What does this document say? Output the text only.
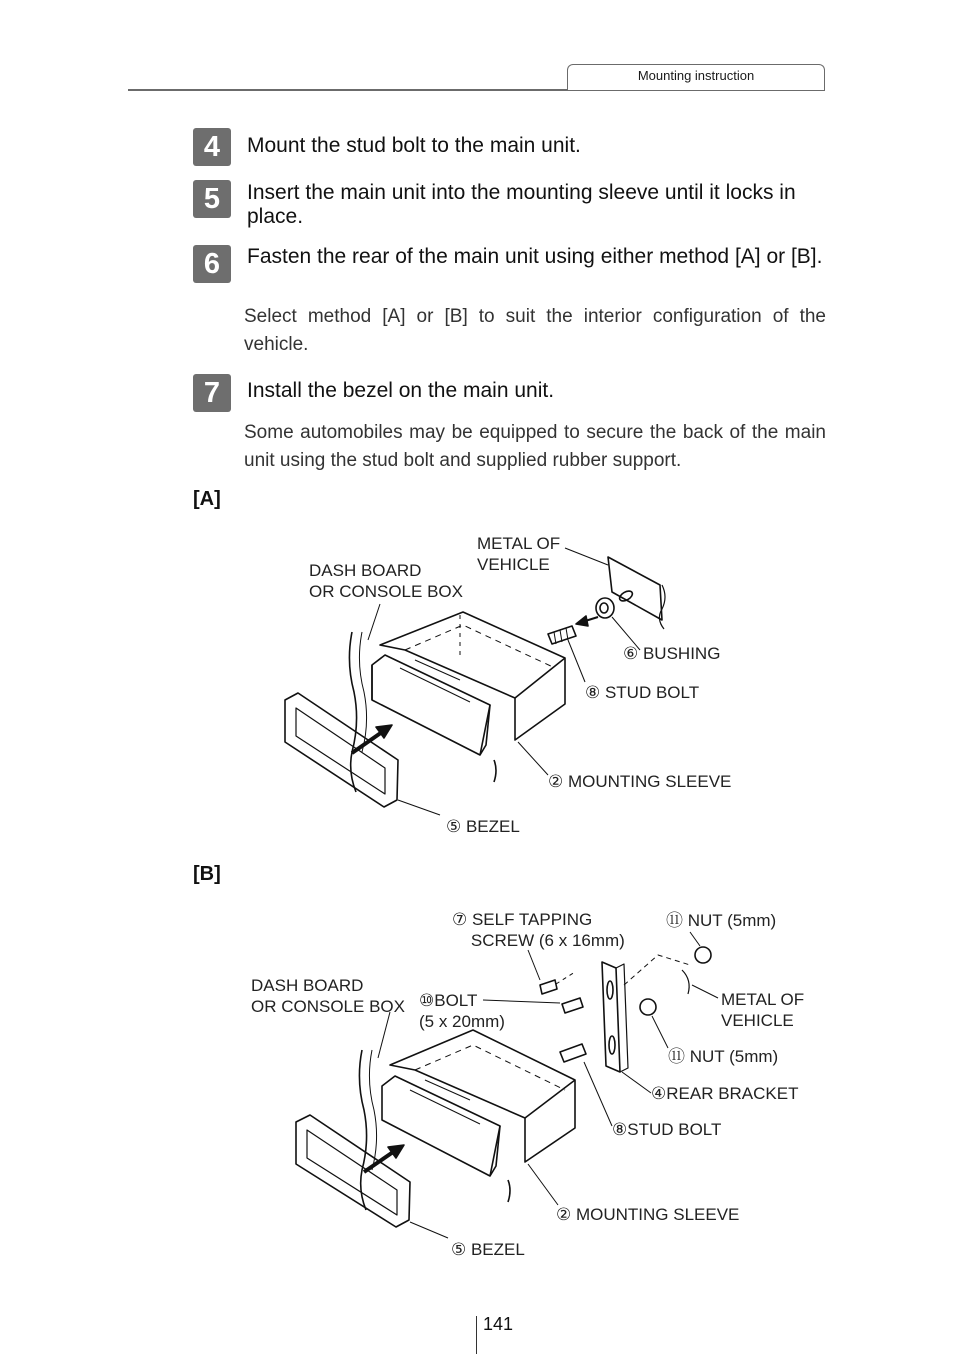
Mounting instruction
4	Mount the stud bolt to the main unit.
5	Insert the main unit into the mounting sleeve until it locks in place.
6	Fasten the rear of the main unit using either method [A] or [B].
Select method [A] or [B] to suit the interior configuration of the vehicle.
7	Install the bezel on the main unit.
Some automobiles may be equipped to secure the back of the main unit using the stud bolt and supplied rubber support.
[A]
METAL OF
VEHICLE
DASH BOARD
OR CONSOLE BOX
⑥ BUSHING
⑧ STUD BOLT
② MOUNTING SLEEVE
⑤ BEZEL
[B]
⑦ SELF TAPPING
SCREW (6 x 16mm)
⑪ NUT (5mm)
DASH BOARD
OR CONSOLE BOX ⑩BOLT
(5 x 20mm)
METAL OF
VEHICLE
⑪ NUT (5mm)
④REAR BRACKET
⑧STUD BOLT
② MOUNTING SLEEVE
⑤ BEZEL
141
